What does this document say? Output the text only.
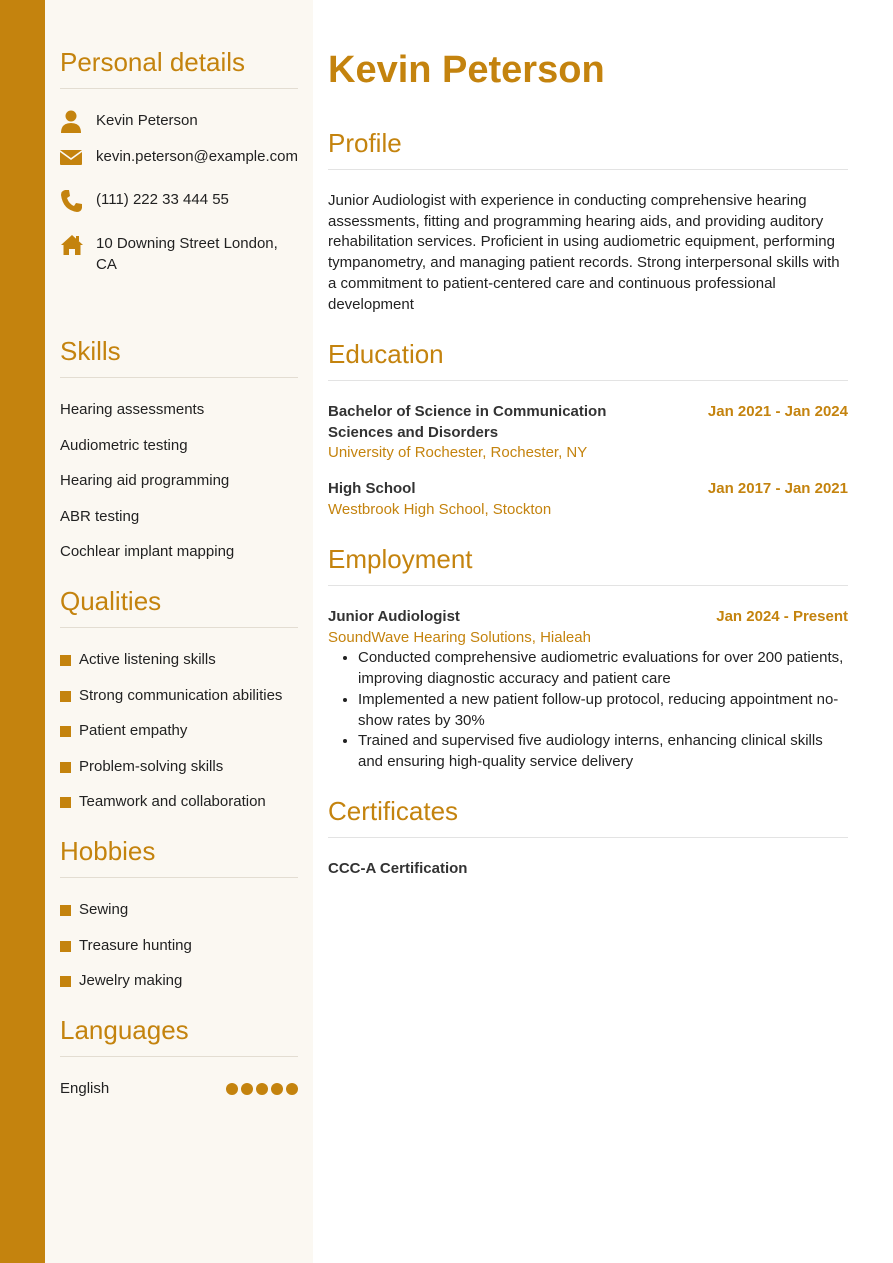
Personal details
Kevin Peterson
kevin.peterson@example.com
(111) 222 33 444 55
10 Downing Street London, CA
Skills
Hearing assessments
Audiometric testing
Hearing aid programming
ABR testing
Cochlear implant mapping
Qualities
Active listening skills
Strong communication abilities
Patient empathy
Problem-solving skills
Teamwork and collaboration
Hobbies
Sewing
Treasure hunting
Jewelry making
Languages
English
Kevin Peterson
Profile
Junior Audiologist with experience in conducting comprehensive hearing assessments, fitting and programming hearing aids, and providing auditory rehabilitation services. Proficient in using audiometric equipment, performing tympanometry, and managing patient records. Strong interpersonal skills with a commitment to patient-centered care and continuous professional development
Education
Bachelor of Science in Communication Sciences and Disorders
Jan 2021 - Jan 2024
University of Rochester, Rochester, NY
High School	Jan 2017 - Jan 2021
Westbrook High School, Stockton
Employment
Junior Audiologist	Jan 2024 - Present
SoundWave Hearing Solutions, Hialeah
• Conducted comprehensive audiometric evaluations for over 200 patients, improving diagnostic accuracy and patient care
• Implemented a new patient follow-up protocol, reducing appointment no-show rates by 30%
• Trained and supervised five audiology interns, enhancing clinical skills and ensuring high-quality service delivery
Certificates
CCC-A Certification
